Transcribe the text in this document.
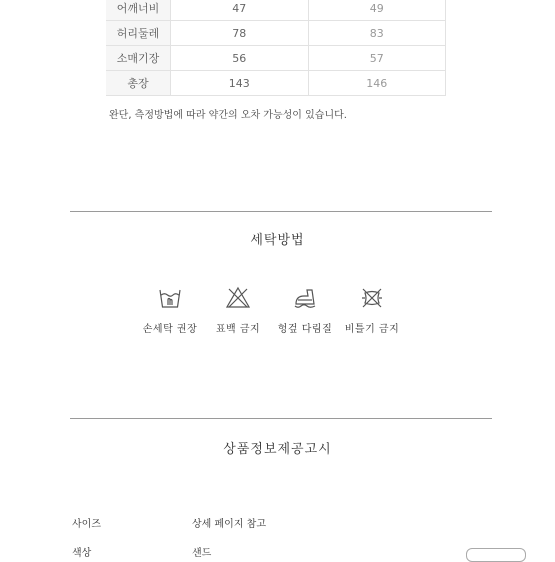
어깨너비	47	49
허리둘레	78	83
소매기장	56	57
총장	143	146
완단, 측정방법에 따라 약간의 오차 가능성이 있습니다.
세탁방법
손세탁 권장	표백 금지	헝겊 다림질	비틀기 금지
상품정보제공고시
사이즈	상세 페이지 참고
색상	샌드
